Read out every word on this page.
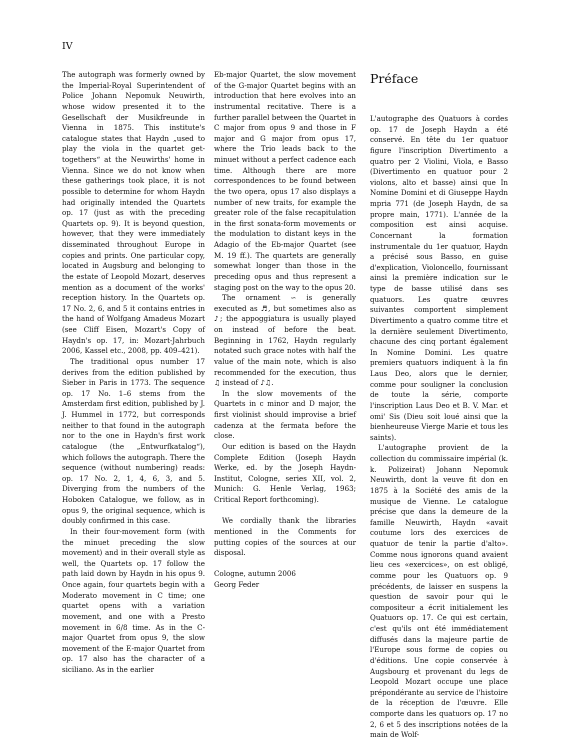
IV

The autograph was formerly owned by the Imperial-Royal Superintendent of Police Johann Nepomuk Neuwirth, whose widow presented it to the Gesellschaft der Musikfreunde in Vienna in 1875. This institute's catalogue states that Haydn „used to play the viola in the quartet get-togethers“ at the Neuwirths' home in Vienna. Since we do not know when these gatherings took place, it is not possible to determine for whom Haydn had originally intended the Quartets op. 17 (just as with the preceding Quartets op. 9). It is beyond question, however, that they were immediately disseminated throughout Europe in copies and prints. One particular copy, located in Augsburg and belonging to the estate of Leopold Mozart, deserves mention as a document of the works' reception history. In the Quartets op. 17 No. 2, 6, and 5 it contains entries in the hand of Wolfgang Amadeus Mozart (see Cliff Eisen, Mozart's Copy of Haydn's op. 17, in: Mozart-Jahrbuch 2006, Kassel etc., 2008, pp. 409–421).

The traditional opus number 17 derives from the edition published by Sieber in Paris in 1773. The sequence op. 17 No. 1–6 stems from the Amsterdam first edition, published by J. J. Hummel in 1772, but corresponds neither to that found in the autograph nor to the one in Haydn's first work catalogue (the „Entwurfkatalog“), which follows the autograph. There the sequence (without numbering) reads: op. 17 No. 2, 1, 4, 6, 3, and 5. Diverging from the numbers of the Hoboken Catalogue, we follow, as in opus 9, the original sequence, which is doubly confirmed in this case.

In their four-movement form (with the minuet preceding the slow movement) and in their overall style as well, the Quartets op. 17 follow the path laid down by Haydn in his opus 9. Once again, four quartets begin with a Moderato movement in C time; one quartet opens with a variation movement, and one with a Presto movement in 6/8 time. As in the C-major Quartet from opus 9, the slow movement of the E-major Quartet from op. 17 also has the character of a siciliano. As in the earlier

Eb-major Quartet, the slow movement of the G-major Quartet begins with an introduction that here evolves into an instrumental recitative. There is a further parallel between the Quartet in C major from opus 9 and those in F major and G major from opus 17, where the Trio leads back to the minuet without a perfect cadence each time. Although there are more correspondences to be found between the two opera, opus 17 also displays a number of new traits, for example the greater role of the false recapitulation in the first sonata-form movements or the modulation to distant keys in the Adagio of the Eb-major Quartet (see M. 19 ff.). The quartets are generally somewhat longer than those in the preceding opus and thus represent a staging post on the way to the opus 20.

The ornament ∽ is generally executed as ♬, but sometimes also as ♪; the appoggiatura is usually played on instead of before the beat. Beginning in 1762, Haydn regularly notated such grace notes with half the value of the main note, which is also recommended for the execution, thus ♫ instead of ♪♫.

In the slow movements of the Quartets in c minor and D major, the first violinist should improvise a brief cadenza at the fermata before the close.

Our edition is based on the Haydn Complete Edition (Joseph Haydn Werke, ed. by the Joseph Haydn-Institut, Cologne, series XII, vol. 2, Munich: G. Henle Verlag, 1963; Critical Report forthcoming).

We cordially thank the libraries mentioned in the Comments for putting copies of the sources at our disposal.

Cologne, autumn 2006

Georg Feder

Préface

L'autographe des Quatuors à cordes op. 17 de Joseph Haydn a été conservé. En tête du 1er quatuor figure l'inscription Divertimento a quatro per 2 Violini, Viola, e Basso (Divertimento en quatuor pour 2 violons, alto et basse) ainsi que In Nomine Domini et di Giuseppe Haydn mpria 771 (de Joseph Haydn, de sa propre main, 1771). L'année de la composition est ainsi acquise. Concernant la formation instrumentale du 1er quatuor, Haydn a précisé sous Basso, en guise d'explication, Violoncello, fournissant ainsi la première indication sur le type de basse utilisé dans ses quatuors. Les quatre œuvres suivantes comportent simplement Divertimento a quatro comme titre et la dernière seulement Divertimento, chacune des cinq portant également In Nomine Domini. Les quatre premiers quatuors indiquent à la fin Laus Deo, alors que le dernier, comme pour souligner la conclusion de toute la série, comporte l'inscription Laus Deo et B. V. Mar. et omi' Sis (Dieu soit loué ainsi que la bienheureuse Vierge Marie et tous les saints).

L'autographe provient de la collection du commissaire impérial (k. k. Polizeirat) Johann Nepomuk Neuwirth, dont la veuve fit don en 1875 à la Société des amis de la musique de Vienne. Le catalogue précise que dans la demeure de la famille Neuwirth, Haydn «avait coutume lors des exercices de quatuor de tenir la partie d'alto». Comme nous ignorons quand avaient lieu ces «exercices», on est obligé, comme pour les Quatuors op. 9 précédents, de laisser en suspens la question de savoir pour qui le compositeur a écrit initialement les Quatuors op. 17. Ce qui est certain, c'est qu'ils ont été immédiatement diffusés dans la majeure partie de l'Europe sous forme de copies ou d'éditions. Une copie conservée à Augsbourg et provenant du legs de Leopold Mozart occupe une place prépondérante au service de l'histoire de la réception de l'œuvre. Elle comporte dans les quatuors op. 17 no 2, 6 et 5 des inscriptions notées de la main de Wolf-
